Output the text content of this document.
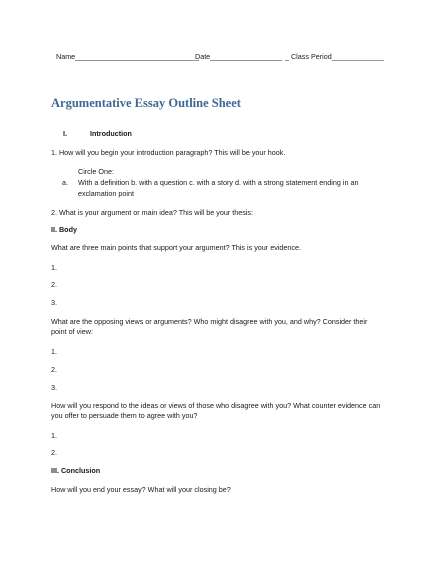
Name_______________________________
Date__________________ _ Class Period_____________
Argumentative Essay Outline Sheet
I.	Introduction
1. How will you begin your introduction paragraph? This will be your hook.
Circle One:
a. With a definition b. with a question c. with a story d. with a strong statement ending in an
exclamation point
2. What is your argument or main idea? This will be your thesis:
II. Body
What are three main points that support your argument? This is your evidence.
1.
2.
3.
What are the opposing views or arguments? Who might disagree with you, and why? Consider their
point of view:
1.
2.
3.
How will you respond to the ideas or views of those who disagree with you? What counter evidence can
you offer to persuade them to agree with you?
1.
2.
III. Conclusion
How will you end your essay? What will your closing be?
